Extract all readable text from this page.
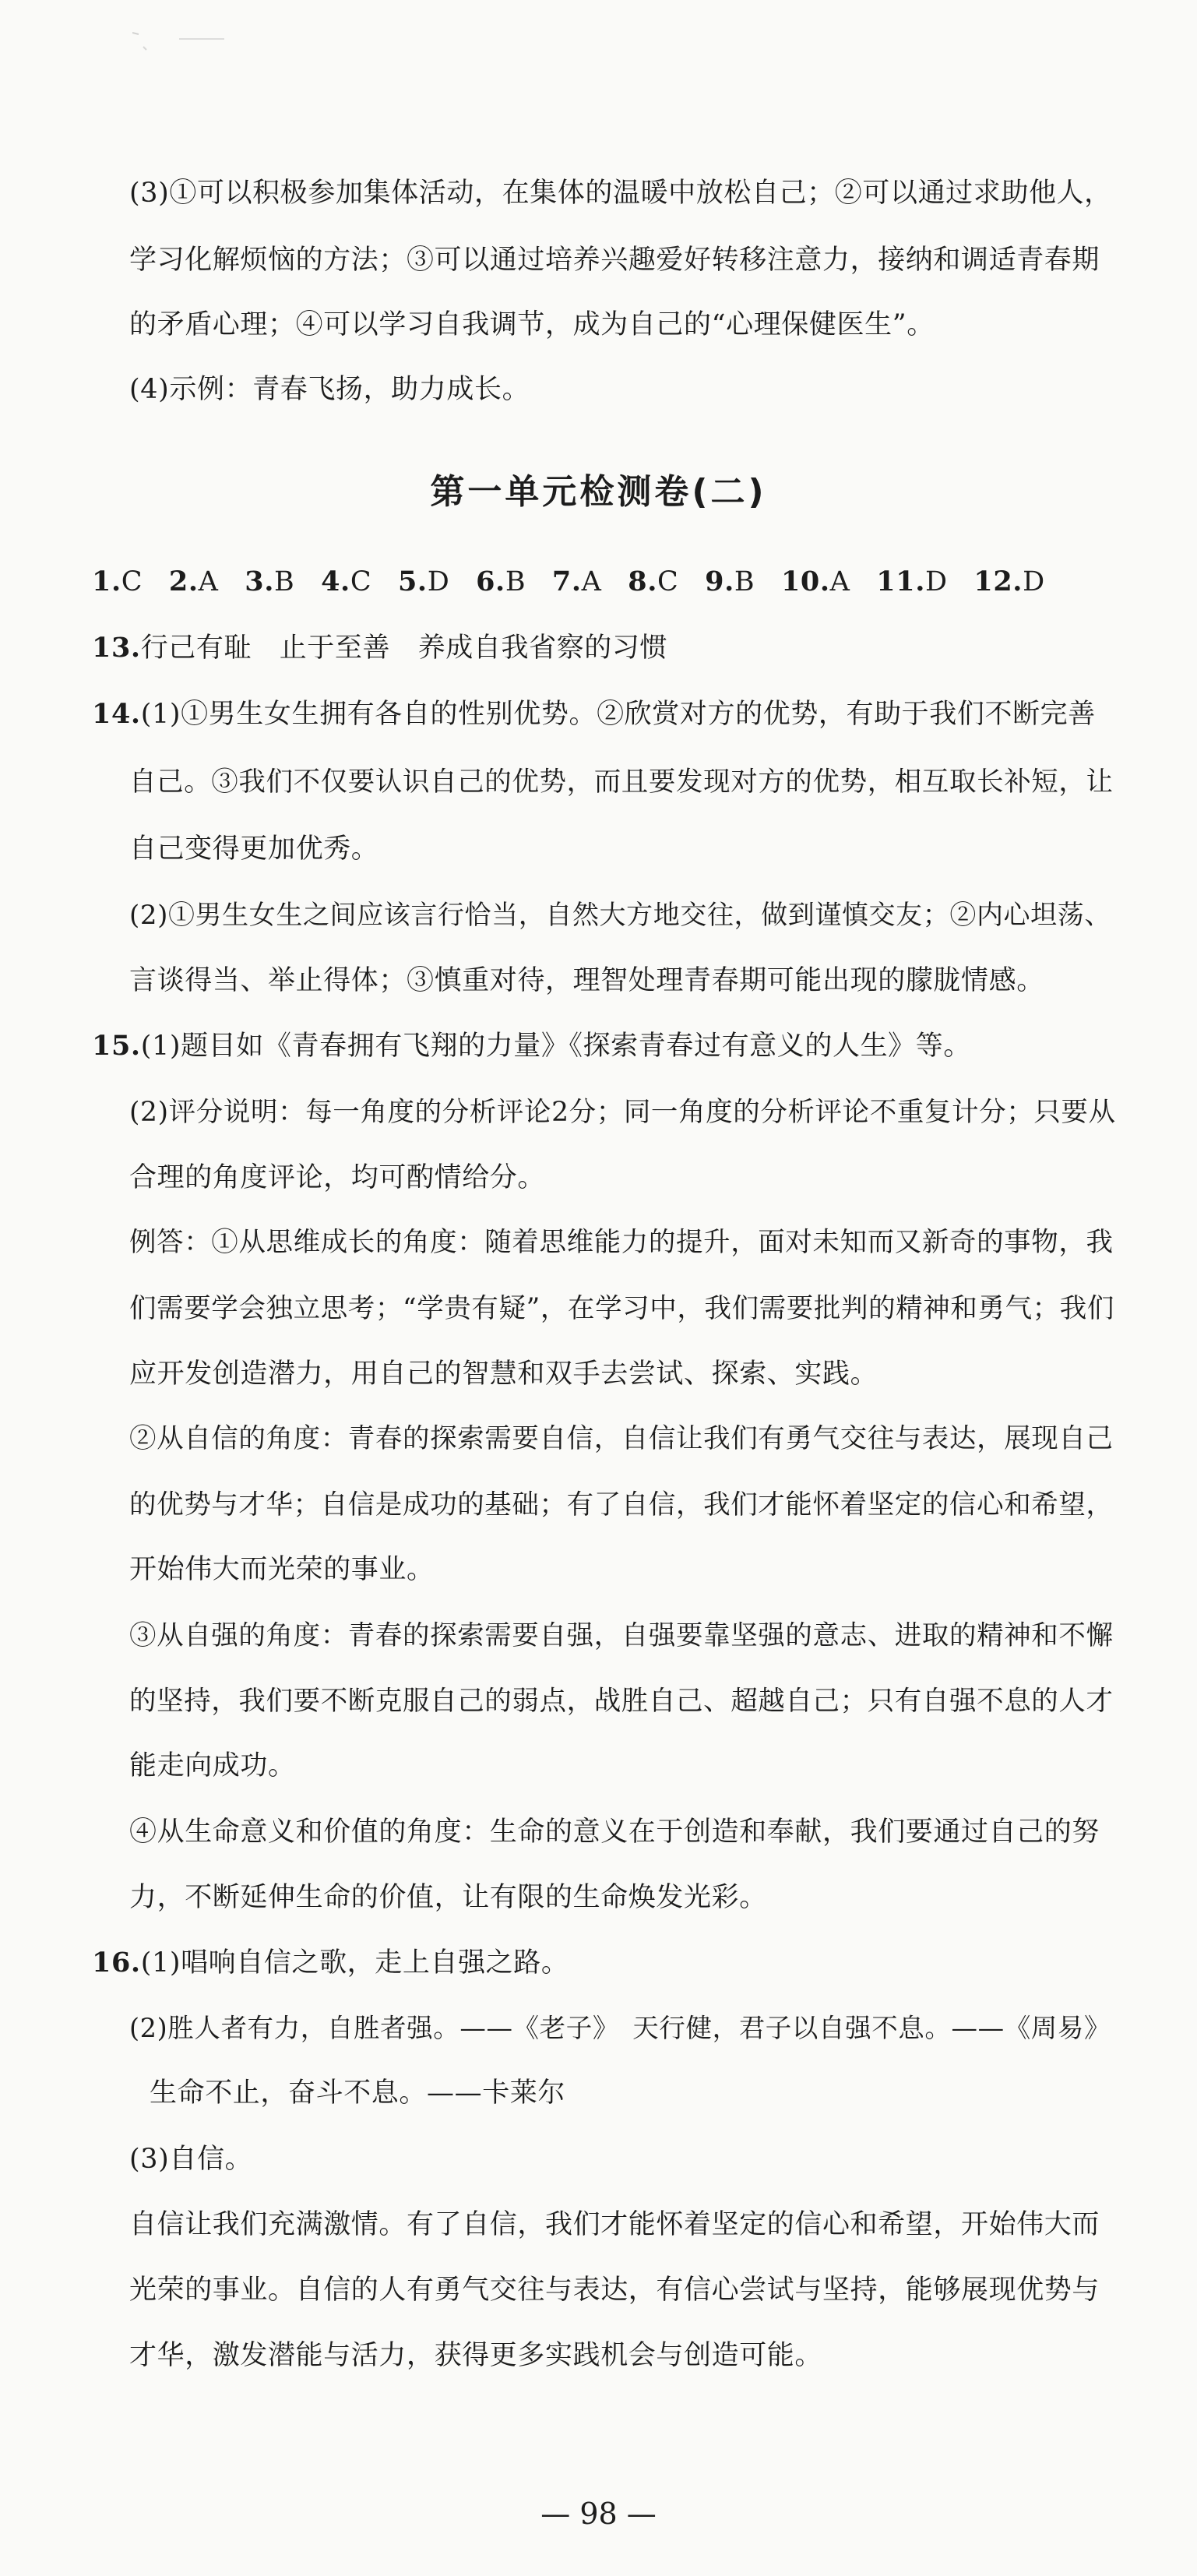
(3)①可以积极参加集体活动，在集体的温暖中放松自己；②可以通过求助他人，
学习化解烦恼的方法；③可以通过培养兴趣爱好转移注意力，接纳和调适青春期
的矛盾心理；④可以学习自我调节，成为自己的“心理保健医生”。
(4)示例：青春飞扬，助力成长。
第一单元检测卷(二)
1.C 2.A 3.B 4.C 5.D 6.B 7.A 8.C 9.B 10.A 11.D 12.D
13.行己有耻　止于至善　养成自我省察的习惯
14.(1)①男生女生拥有各自的性别优势。②欣赏对方的优势，有助于我们不断完善
自己。③我们不仅要认识自己的优势，而且要发现对方的优势，相互取长补短，让
自己变得更加优秀。
(2)①男生女生之间应该言行恰当，自然大方地交往，做到谨慎交友；②内心坦荡、
言谈得当、举止得体；③慎重对待，理智处理青春期可能出现的朦胧情感。
15.(1)题目如《青春拥有飞翔的力量》《探索青春过有意义的人生》等。
(2)评分说明：每一角度的分析评论2分；同一角度的分析评论不重复计分；只要从
合理的角度评论，均可酌情给分。
例答：①从思维成长的角度：随着思维能力的提升，面对未知而又新奇的事物，我
们需要学会独立思考；“学贵有疑”，在学习中，我们需要批判的精神和勇气；我们
应开发创造潜力，用自己的智慧和双手去尝试、探索、实践。
②从自信的角度：青春的探索需要自信，自信让我们有勇气交往与表达，展现自己
的优势与才华；自信是成功的基础；有了自信，我们才能怀着坚定的信心和希望，
开始伟大而光荣的事业。
③从自强的角度：青春的探索需要自强，自强要靠坚强的意志、进取的精神和不懈
的坚持，我们要不断克服自己的弱点，战胜自己、超越自己；只有自强不息的人才
能走向成功。
④从生命意义和价值的角度：生命的意义在于创造和奉献，我们要通过自己的努
力，不断延伸生命的价值，让有限的生命焕发光彩。
16.(1)唱响自信之歌，走上自强之路。
(2)胜人者有力，自胜者强。——《老子》　天行健，君子以自强不息。——《周易》
生命不止，奋斗不息。——卡莱尔
(3)自信。
自信让我们充满激情。有了自信，我们才能怀着坚定的信心和希望，开始伟大而
光荣的事业。自信的人有勇气交往与表达，有信心尝试与坚持，能够展现优势与
才华，激发潜能与活力，获得更多实践机会与创造可能。
— 98 —
